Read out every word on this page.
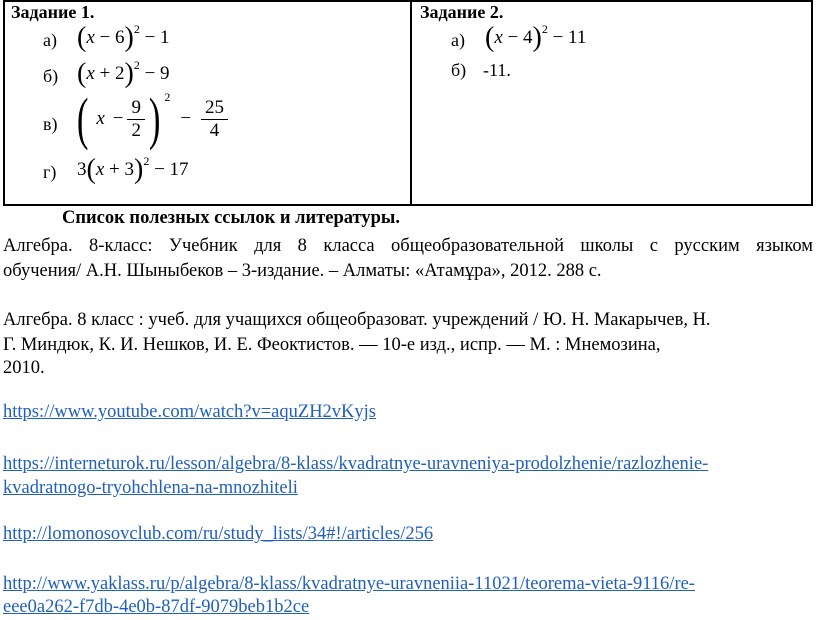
Задание 1.
а) $(x - 6)^2 - 1$
б) $(x + 2)^2 - 9$
в) ( $x - \frac{9}{2}$ ) 2
− $\frac{25}{4}$
г) $3(x + 3)^2 - 17$
Задание 2.
а) $(x - 4)^2 - 11$
б) -11.
Список полезных ссылок и литературы.
Алгебра. 8-класс: Учебник для 8 класса общеобразовательной школы с русским языком
обучения/ А.Н. Шыныбеков – 3-издание. – Алматы: «Атамұра», 2012. 288 с.
Алгебра. 8 класс : учеб. для учащихся общеобразоват. учреждений / Ю. Н. Макарычев, Н.
Г. Миндюк, К. И. Нешков, И. Е. Феоктистов. — 10-е изд., испр. — М. : Мнемозина,
2010.
https://www.youtube.com/watch?v=aquZH2vKyjs
https://interneturok.ru/lesson/algebra/8-klass/kvadratnye-uravneniya-prodolzhenie/razlozhenie-
kvadratnogo-tryohchlena-na-mnozhiteli
http://lomonosovclub.com/ru/study_lists/34#!/articles/256
http://www.yaklass.ru/p/algebra/8-klass/kvadratnye-uravneniia-11021/teorema-vieta-9116/re-
eee0a262-f7db-4e0b-87df-9079beb1b2ce
